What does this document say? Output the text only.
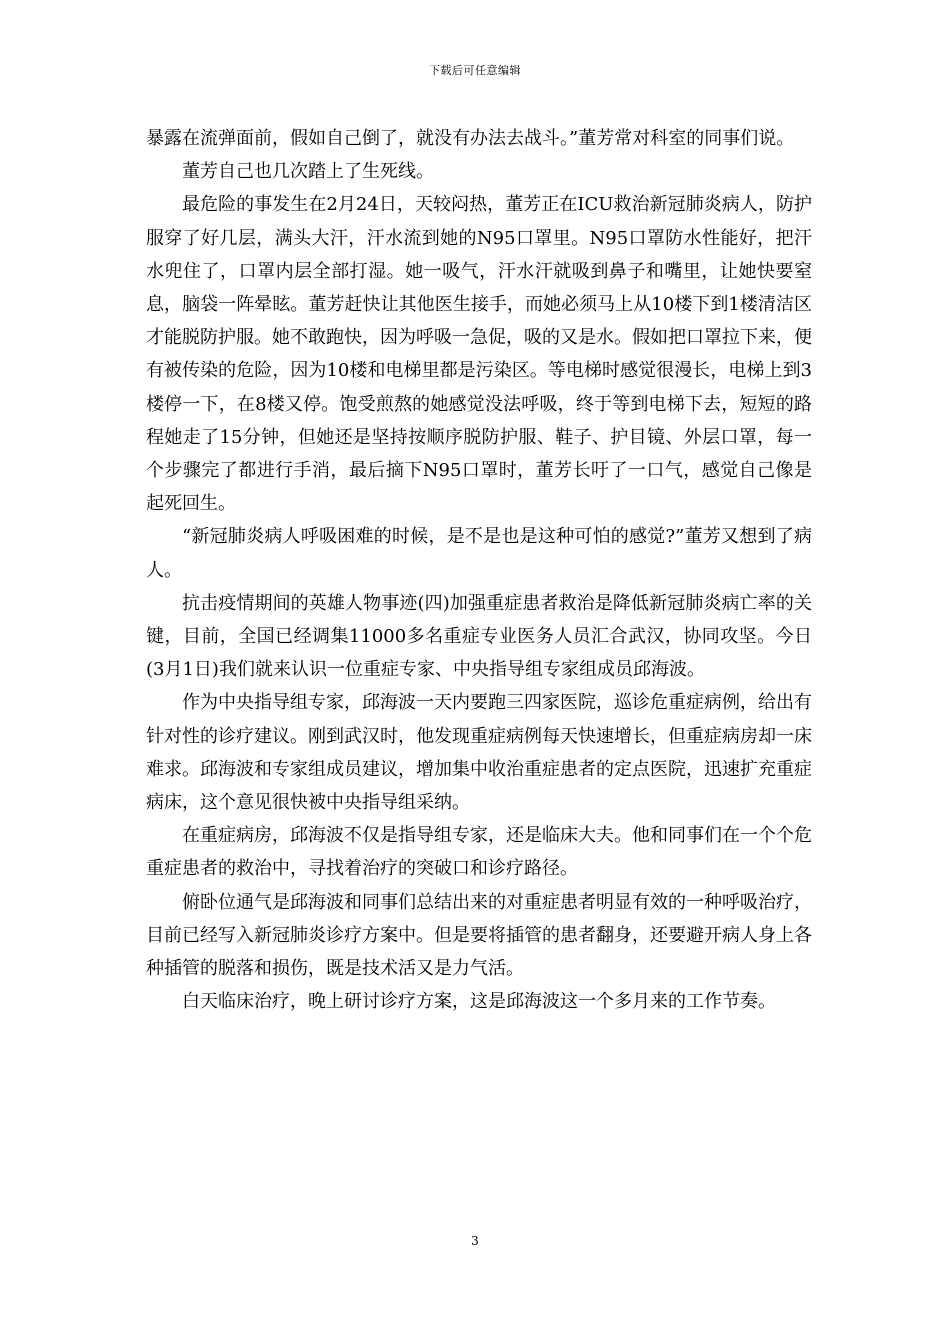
下载后可任意编辑

暴露在流弹面前，假如自己倒了，就没有办法去战斗。”董芳常对科室的同事们说。

董芳自己也几次踏上了生死线。

最危险的事发生在2月24日，天较闷热，董芳正在ICU救治新冠肺炎病人，防护服穿了好几层，满头大汗，汗水流到她的N95口罩里。N95口罩防水性能好，把汗水兜住了，口罩内层全部打湿。她一吸气，汗水汗就吸到鼻子和嘴里，让她快要窒息，脑袋一阵晕眩。董芳赶快让其他医生接手，而她必须马上从10楼下到1楼清洁区才能脱防护服。她不敢跑快，因为呼吸一急促，吸的又是水。假如把口罩拉下来，便有被传染的危险，因为10楼和电梯里都是污染区。等电梯时感觉很漫长，电梯上到3楼停一下，在8楼又停。饱受煎熬的她感觉没法呼吸，终于等到电梯下去，短短的路程她走了15分钟，但她还是坚持按顺序脱防护服、鞋子、护目镜、外层口罩，每一个步骤完了都进行手消，最后摘下N95口罩时，董芳长吁了一口气，感觉自己像是起死回生。

“新冠肺炎病人呼吸困难的时候，是不是也是这种可怕的感觉?”董芳又想到了病人。

抗击疫情期间的英雄人物事迹(四)加强重症患者救治是降低新冠肺炎病亡率的关键，目前，全国已经调集11000多名重症专业医务人员汇合武汉，协同攻坚。今日(3月1日)我们就来认识一位重症专家、中央指导组专家组成员邱海波。

作为中央指导组专家，邱海波一天内要跑三四家医院，巡诊危重症病例，给出有针对性的诊疗建议。刚到武汉时，他发现重症病例每天快速增长，但重症病房却一床难求。邱海波和专家组成员建议，增加集中收治重症患者的定点医院，迅速扩充重症病床，这个意见很快被中央指导组采纳。

在重症病房，邱海波不仅是指导组专家，还是临床大夫。他和同事们在一个个危重症患者的救治中，寻找着治疗的突破口和诊疗路径。

俯卧位通气是邱海波和同事们总结出来的对重症患者明显有效的一种呼吸治疗，目前已经写入新冠肺炎诊疗方案中。但是要将插管的患者翻身，还要避开病人身上各种插管的脱落和损伤，既是技术活又是力气活。

白天临床治疗，晚上研讨诊疗方案，这是邱海波这一个多月来的工作节奏。

3
